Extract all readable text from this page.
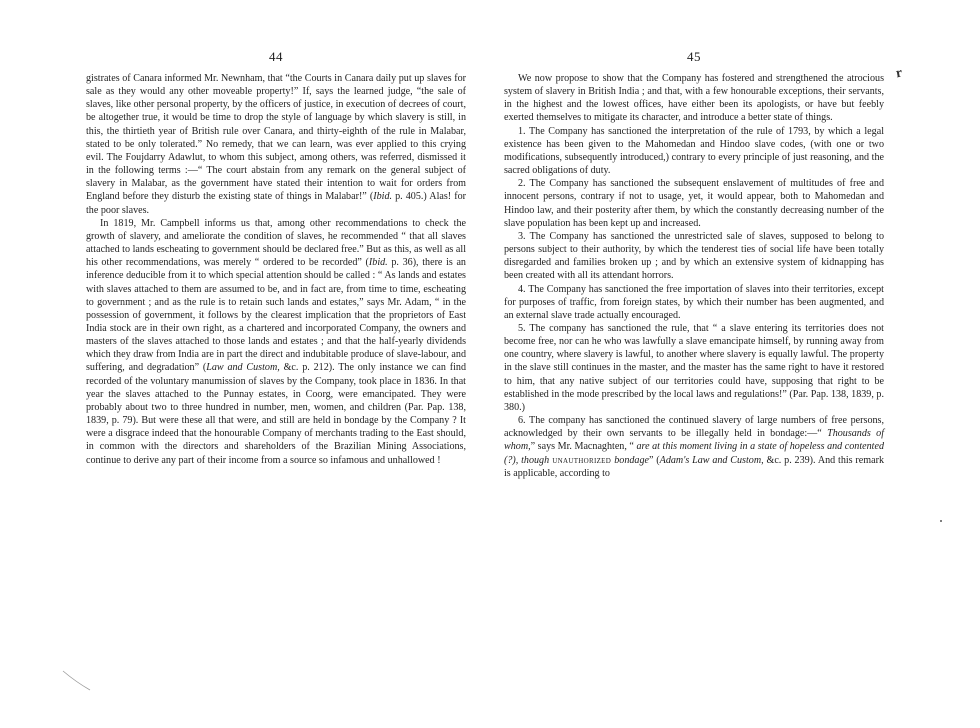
44

gistrates of Canara informed Mr. Newnham, that “the Courts in Canara daily put up slaves for sale as they would any other moveable property!” If, says the learned judge, “the sale of slaves, like other personal property, by the officers of justice, in execution of decrees of court, be altogether true, it would be time to drop the style of language by which slavery is still, in this, the thirtieth year of British rule over Canara, and thirty-eighth of the rule in Malabar, stated to be only tolerated.” No remedy, that we can learn, was ever applied to this crying evil. The Foujdarry Adawlut, to whom this subject, among others, was referred, dismissed it in the following terms :—“ The court abstain from any remark on the general subject of slavery in Malabar, as the government have stated their intention to wait for orders from England before they disturb the existing state of things in Malabar!” (Ibid. p. 405.) Alas! for the poor slaves.

In 1819, Mr. Campbell informs us that, among other recommendations to check the growth of slavery, and ameliorate the condition of slaves, he recommended “ that all slaves attached to lands escheating to government should be declared free.” But as this, as well as all his other recommendations, was merely “ ordered to be recorded” (Ibid. p. 36), there is an inference deducible from it to which special attention should be called : “ As lands and estates with slaves attached to them are assumed to be, and in fact are, from time to time, escheating to government ; and as the rule is to retain such lands and estates,” says Mr. Adam, “ in the possession of government, it follows by the clearest implication that the proprietors of East India stock are in their own right, as a chartered and incorporated Company, the owners and masters of the slaves attached to those lands and estates ; and that the half-yearly dividends which they draw from India are in part the direct and indubitable produce of slave-labour, and suffering, and degradation” (Law and Custom, &c. p. 212). The only instance we can find recorded of the voluntary manumission of slaves by the Company, took place in 1836. In that year the slaves attached to the Punnay estates, in Coorg, were emancipated. They were probably about two to three hundred in number, men, women, and children (Par. Pap. 138, 1839, p. 79). But were these all that were, and still are held in bondage by the Company ? It were a disgrace indeed that the honourable Company of merchants trading to the East should, in common with the directors and shareholders of the Brazilian Mining Associations, continue to derive any part of their income from a source so infamous and unhallowed !

45

We now propose to show that the Company has fostered and strengthened the atrocious system of slavery in British India ; and that, with a few honourable exceptions, their servants, in the highest and the lowest offices, have either been its apologists, or have but feebly exerted themselves to mitigate its character, and introduce a better state of things.

1. The Company has sanctioned the interpretation of the rule of 1793, by which a legal existence has been given to the Mahomedan and Hindoo slave codes, (with one or two modifications, subsequently introduced,) contrary to every principle of just reasoning, and the sacred obligations of duty.

2. The Company has sanctioned the subsequent enslavement of multitudes of free and innocent persons, contrary if not to usage, yet, it would appear, both to Mahomedan and Hindoo law, and their posterity after them, by which the constantly decreasing number of the slave population has been kept up and increased.

3. The Company has sanctioned the unrestricted sale of slaves, supposed to belong to persons subject to their authority, by which the tenderest ties of social life have been totally disregarded and families broken up ; and by which an extensive system of kidnapping has been created with all its attendant horrors.

4. The Company has sanctioned the free importation of slaves into their territories, except for purposes of traffic, from foreign states, by which their number has been augmented, and an external slave trade actually encouraged.

5. The company has sanctioned the rule, that “ a slave entering its territories does not become free, nor can he who was lawfully a slave emancipate himself, by running away from one country, where slavery is lawful, to another where slavery is equally lawful. The property in the slave still continues in the master, and the master has the same right to have it restored to him, that any native subject of our territories could have, supposing that right to be established in the mode prescribed by the local laws and regulations!” (Par. Pap. 138, 1839, p. 380.)

6. The company has sanctioned the continued slavery of large numbers of free persons, acknowledged by their own servants to be illegally held in bondage:—“ Thousands of whom,” says Mr. Macnaghten, “ are at this moment living in a state of hopeless and contented (?), though unauthorized bondage” (Adam's Law and Custom, &c. p. 239). And this remark is applicable, according to

r
